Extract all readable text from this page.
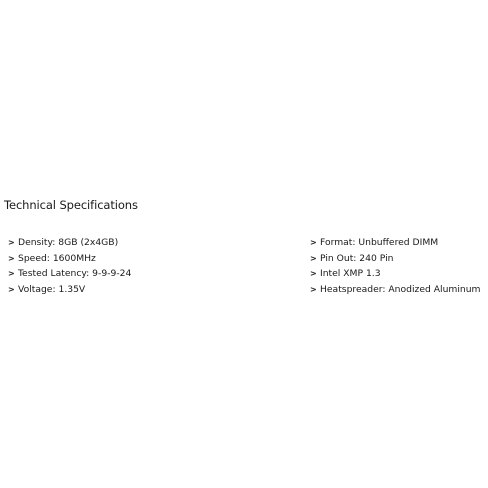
Technical Specifications
> Density: 8GB (2x4GB)
> Speed: 1600MHz
> Tested Latency: 9-9-9-24
> Voltage: 1.35V
> Format: Unbuffered DIMM
> Pin Out: 240 Pin
> Intel XMP 1.3
> Heatspreader: Anodized Aluminum
